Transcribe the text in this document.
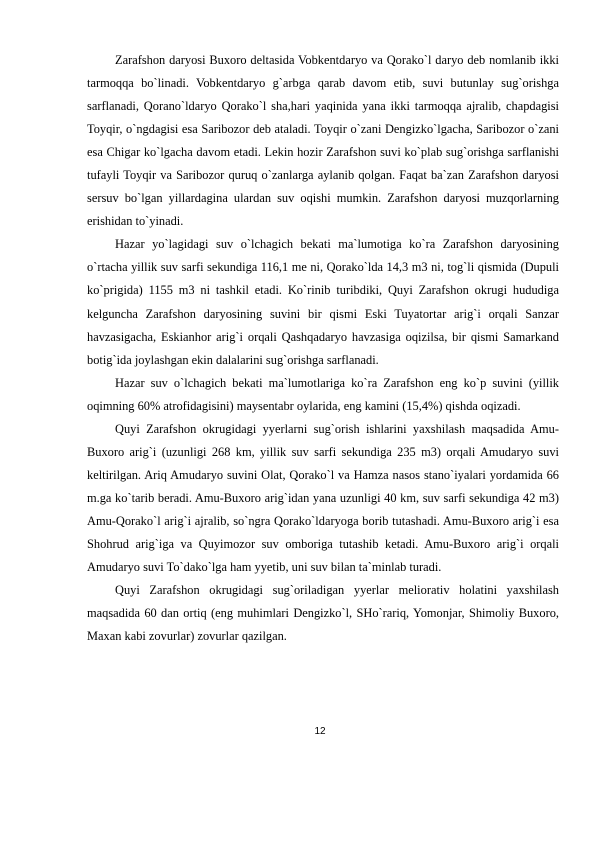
Zarafshon daryosi Buxoro deltasida Vobkentdaryo va Qorako`l daryo deb nomlanib ikki tarmoqqa bo`linadi. Vobkentdaryo g`arbga qarab davom etib, suvi butunlay sug`orishga sarflanadi, Qorano`ldaryo Qorako`l sha,hari yaqinida yana ikki tarmoqqa ajralib, chapdagisi Toyqir, o`ngdagisi esa Saribozor deb ataladi. Toyqir o`zani Dengizko`lgacha, Saribozor o`zani esa Chigar ko`lgacha davom etadi. Lekin hozir Zarafshon suvi ko`plab sug`orishga sarflanishi tufayli Toyqir va Saribozor quruq o`zanlarga aylanib qolgan. Faqat ba`zan Zarafshon daryosi sersuv bo`lgan yillardagina ulardan suv oqishi mumkin. Zarafshon daryosi muzqorlarning erishidan to`yinadi.

Hazar yo`lagidagi suv o`lchagich bekati ma`lumotiga ko`ra Zarafshon daryosining o`rtacha yillik suv sarfi sekundiga 116,1 me ni, Qorako`lda 14,3 m3 ni, tog`li qismida (Dupuli ko`prigida) 1155 m3 ni tashkil etadi. Ko`rinib turibdiki, Quyi Zarafshon okrugi hududiga kelguncha Zarafshon daryosining suvini bir qismi Eski Tuyatortar arig`i orqali Sanzar havzasigacha, Eskianhor arig`i orqali Qashqadaryo havzasiga oqizilsa, bir qismi Samarkand botig`ida joylashgan ekin dalalarini sug`orishga sarflanadi.

Hazar suv o`lchagich bekati ma`lumotlariga ko`ra Zarafshon eng ko`p suvini (yillik oqimning 60% atrofidagisini) maysentabr oylarida, eng kamini (15,4%) qishda oqizadi.

Quyi Zarafshon okrugidagi yyerlarni sug`orish ishlarini yaxshilash maqsadida Amu-Buxoro arig`i (uzunligi 268 km, yillik suv sarfi sekundiga 235 m3) orqali Amudaryo suvi keltirilgan. Ariq Amudaryo suvini Olat, Qorako`l va Hamza nasos stano`iyalari yordamida 66 m.ga ko`tarib beradi. Amu-Buxoro arig`idan yana uzunligi 40 km, suv sarfi sekundiga 42 m3) Amu-Qorako`l arig`i ajralib, so`ngra Qorako`ldaryoga borib tutashadi. Amu-Buxoro arig`i esa Shohrud arig`iga va Quyimozor suv omboriga tutashib ketadi. Amu-Buxoro arig`i orqali Amudaryo suvi To`dako`lga ham yyetib, uni suv bilan ta`minlab turadi.

Quyi Zarafshon okrugidagi sug`oriladigan yyerlar meliorativ holatini yaxshilash maqsadida 60 dan ortiq (eng muhimlari Dengizko`l, SHo`rariq, Yomonjar, Shimoliy Buxoro, Maxan kabi zovurlar) zovurlar qazilgan.

12
